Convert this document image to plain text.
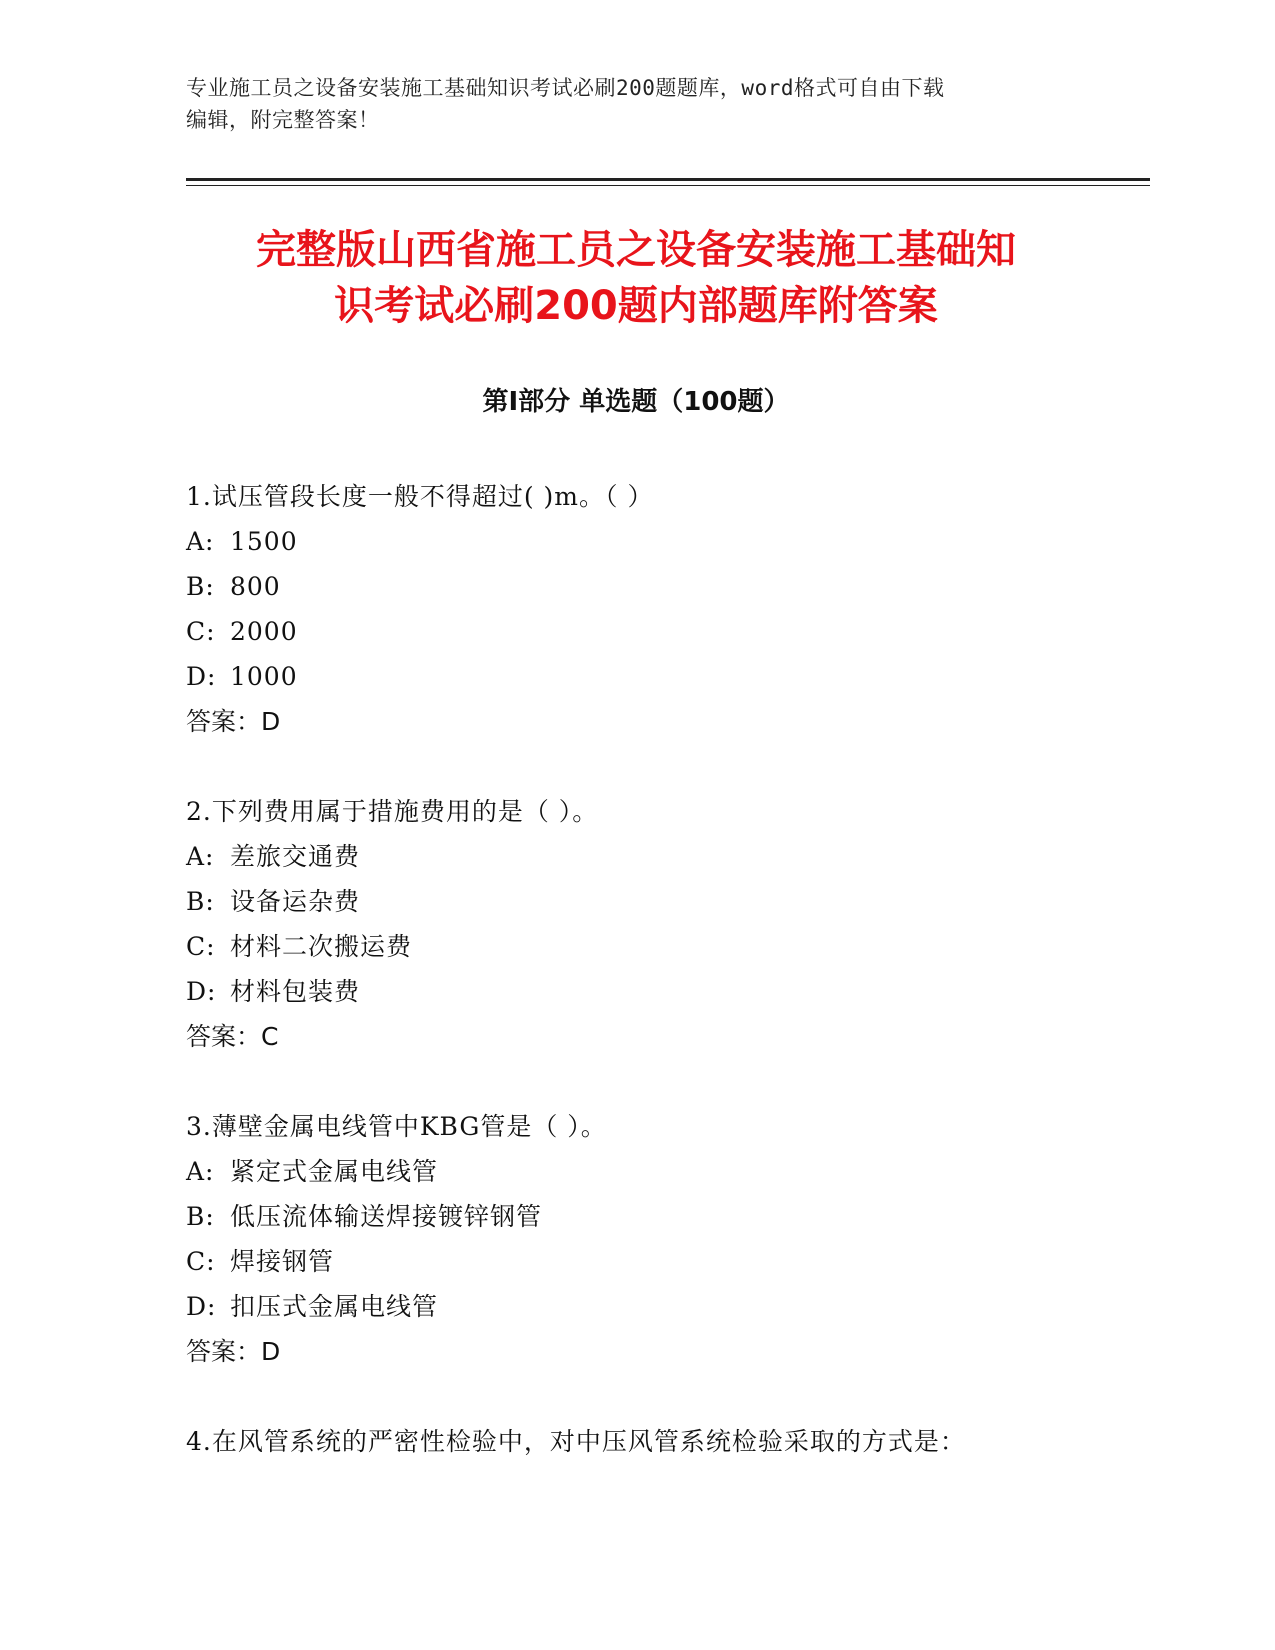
专业施工员之设备安装施工基础知识考试必刷200题题库，word格式可自由下载
编辑，附完整答案！
完整版山西省施工员之设备安装施工基础知
识考试必刷200题内部题库附答案
第Ⅰ部分 单选题（100题）
1.试压管段长度一般不得超过( )m。（ ）
A: 1500
B: 800
C: 2000
D: 1000
答案：D
2.下列费用属于措施费用的是（ ）。
A: 差旅交通费
B: 设备运杂费
C: 材料二次搬运费
D: 材料包装费
答案：C
3.薄壁金属电线管中KBG管是（ ）。
A: 紧定式金属电线管
B: 低压流体输送焊接镀锌钢管
C: 焊接钢管
D: 扣压式金属电线管
答案：D
4.在风管系统的严密性检验中，对中压风管系统检验采取的方式是：
